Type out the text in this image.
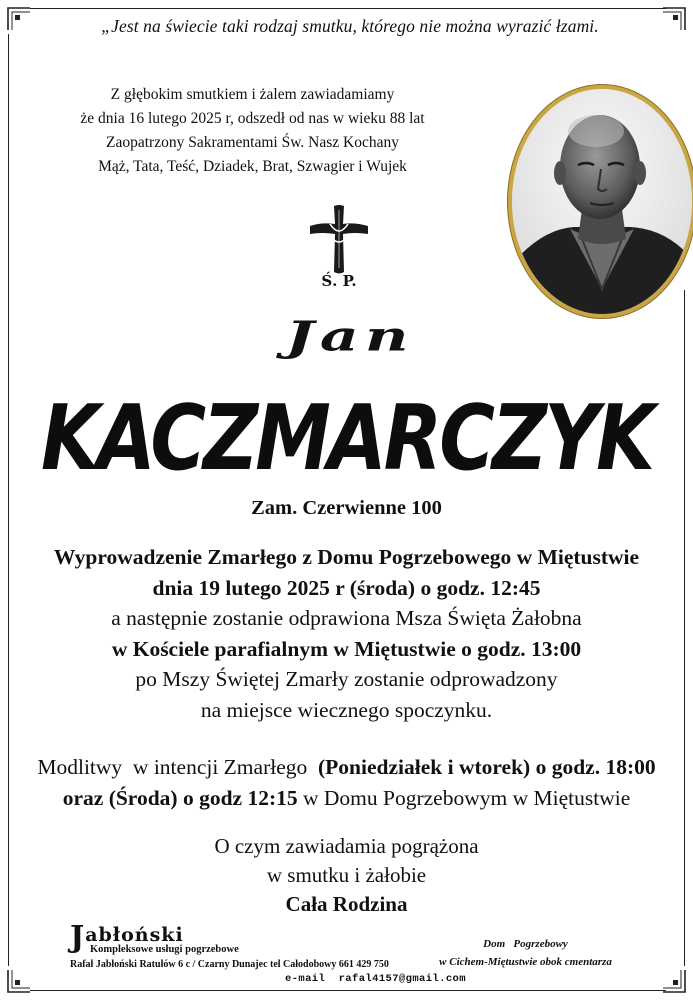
„Jest na świecie taki rodzaj smutku, którego nie można wyrazić łzami.
Z głębokim smutkiem i żalem zawiadamiamy
że dnia 16 lutego 2025 r, odszedł od nas w wieku 88 lat
Zaopatrzony Sakramentami Św. Nasz Kochany
Mąż, Tata, Teść, Dziadek, Brat, Szwagier i Wujek
Ś. P.
Jan
KACZMARCZYK
Zam. Czerwienne 100
Wyprowadzenie Zmarłego z Domu Pogrzebowego w Miętustwie
dnia 19 lutego 2025 r (środa) o godz. 12:45
a następnie zostanie odprawiona Msza Święta Żałobna
w Kościele parafialnym w Miętustwie o godz. 13:00
po Mszy Świętej Zmarły zostanie odprowadzony
na miejsce wiecznego spoczynku.
Modlitwy  w intencji Zmarłego  (Poniedziałek i wtorek) o godz. 18:00
oraz (Środa) o godz 12:15 w Domu Pogrzebowym w Miętustwie
O czym zawiadamia pogrążona
w smutku i żałobie
Cała Rodzina
Jabłoński
Kompleksowe usługi pogrzebowe
Rafał Jabłoński Ratułów 6 c / Czarny Dunajec tel Całodobowy 661 429 750
e-mail  rafal4157@gmail.com
Dom   Pogrzebowy
w Cichem-Miętustwie obok cmentarza
